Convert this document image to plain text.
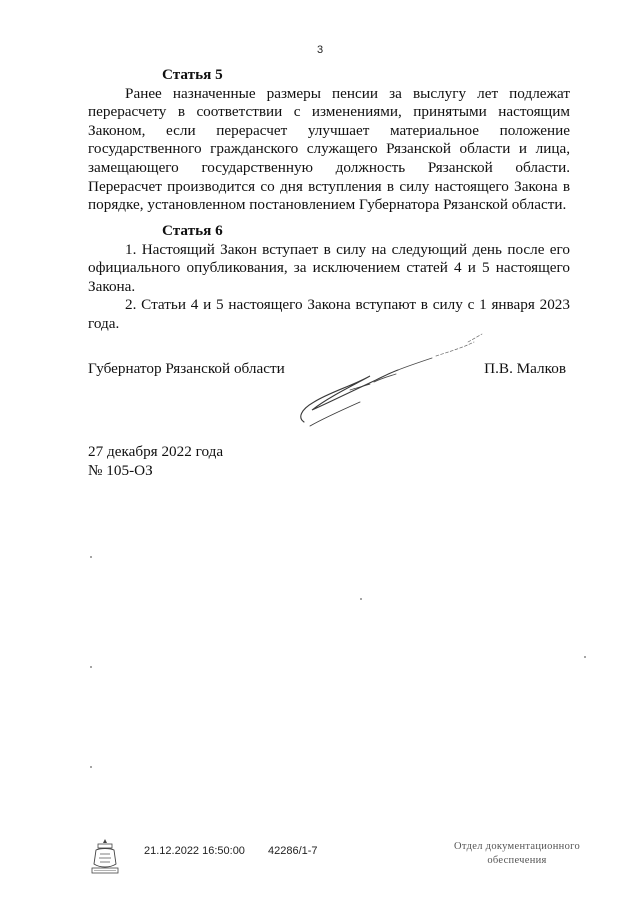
3

Статья 5

Ранее назначенные размеры пенсии за выслугу лет подлежат перерасчету в соответствии с изменениями, принятыми настоящим Законом, если перерасчет улучшает материальное положение государственного гражданского служащего Рязанской области и лица, замещающего государственную должность Рязанской области. Перерасчет производится со дня вступления в силу настоящего Закона в порядке, установленном постановлением Губернатора Рязанской области.

Статья 6

1. Настоящий Закон вступает в силу на следующий день после его официального опубликования, за исключением статей 4 и 5 настоящего Закона.

2. Статьи 4 и 5 настоящего Закона вступают в силу с 1 января 2023 года.

Губернатор Рязанской области	П.В. Малков
27 декабря 2022 года
№ 105-ОЗ
21.12.2022 16:50:00 42286/1-7	Отдел документационного
обеспечения
